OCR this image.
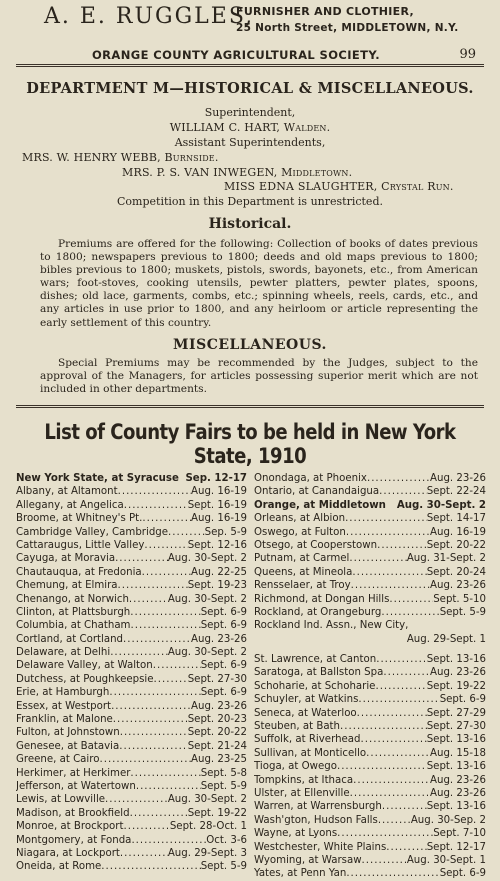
A. E. RUGGLES,
FURNISHER AND CLOTHIER,
25 North Street, MIDDLETOWN, N.Y.
ORANGE COUNTY AGRICULTURAL SOCIETY.	99
DEPARTMENT M—HISTORICAL & MISCELLANEOUS.
Superintendent,
WILLIAM C. HART, Walden.
Assistant Superintendents,
MRS. W. HENRY WEBB, Burnside.
MRS. P. S. VAN INWEGEN, Middletown.
MISS EDNA SLAUGHTER, Crystal Run.
Competition in this Department is unrestricted.
Historical.
Premiums are offered for the following: Collection of books of dates previous to 1800; newspapers previous to 1800; deeds and old maps previous to 1800; bibles previous to 1800; muskets, pistols, swords, bayonets, etc., from American wars; foot-stoves, cooking utensils, pewter platters, pewter plates, spoons, dishes; old lace, garments, combs, etc.; spinning wheels, reels, cards, etc., and any articles in use prior to 1800, and any heirloom or article representing the early settlement of this country.
MISCELLANEOUS.
Special Premiums may be recommended by the Judges, subject to the approval of the Managers, for articles possessing superior merit which are not included in other departments.
List of County Fairs to be held in New York State, 1910
New York State, at Syracuse Sep. 12-17
Albany, at Altamont .....	Aug. 16-19
Allegany, at Angelica .....	Sept. 16-19
Broome, at Whitney's Pt. .....	Aug. 16-19
Cambridge Valley, Cambridge .....	Sep. 5-9
Cattaraugus, Little Valley .....	Sept. 12-16
Cayuga, at Moravia .....	Aug. 30-Sept. 2
Chautauqua, at Fredonia .....	Aug. 22-25
Chemung, at Elmira .....	Sept. 19-23
Chenango, at Norwich .....	Aug. 30-Sept. 2
Clinton, at Plattsburgh .....	Sept. 6-9
Columbia, at Chatham .....	Sept. 6-9
Cortland, at Cortland .....	Aug. 23-26
Delaware, at Delhi .....	Aug. 30-Sept. 2
Delaware Valley, at Walton .....	Sept. 6-9
Dutchess, at Poughkeepsie .....	Sept. 27-30
Erie, at Hamburgh .....	Sept. 6-9
Essex, at Westport .....	Aug. 23-26
Franklin, at Malone .....	Sept. 20-23
Fulton, at Johnstown .....	Sept. 20-22
Genesee, at Batavia .....	Sept. 21-24
Greene, at Cairo .....	Aug. 23-25
Herkimer, at Herkimer .....	Sept. 5-8
Jefferson, at Watertown .....	Sept. 5-9
Lewis, at Lowville .....	Aug. 30-Sept. 2
Madison, at Brookfield .....	Sept. 19-22
Monroe, at Brockport .....	Sept. 28-Oct. 1
Montgomery, at Fonda .....	Oct. 3-6
Niagara, at Lockport .....	Aug. 29-Sept. 3
Oneida, at Rome .....	Sept. 5-9
Onondaga, at Phoenix .....	Aug. 23-26
Ontario, at Canandaigua .....	Sept. 22-24
Orange, at Middletown Aug. 30-Sept. 2
Orleans, at Albion .....	Sept. 14-17
Oswego, at Fulton .....	Aug. 16-19
Otsego, at Cooperstown .....	Sept. 20-22
Putnam, at Carmel .....	Aug. 31-Sept. 2
Queens, at Mineola .....	Sept. 20-24
Rensselaer, at Troy .....	Aug. 23-26
Richmond, at Dongan Hills .....	Sept. 5-10
Rockland, at Orangeburg .....	Sept. 5-9
Rockland Ind. Assn., New City,
Aug. 29-Sept. 1
St. Lawrence, at Canton .....	Sept. 13-16
Saratoga, at Ballston Spa .....	Aug. 23-26
Schoharie, at Schoharie .....	Sept. 19-22
Schuyler, at Watkins .....	Sept. 6-9
Seneca, at Waterloo .....	Sept. 27-29
Steuben, at Bath .....	Sept. 27-30
Suffolk, at Riverhead .....	Sept. 13-16
Sullivan, at Monticello .....	Aug. 15-18
Tioga, at Owego .....	Sept. 13-16
Tompkins, at Ithaca .....	Aug. 23-26
Ulster, at Ellenville .....	Aug. 23-26
Warren, at Warrensburgh .....	Sept. 13-16
Wash'gton, Hudson Falls .....	Aug. 30-Sep. 2
Wayne, at Lyons .....	Sept. 7-10
Westchester, White Plains .....	Sept. 12-17
Wyoming, at Warsaw .....	Aug. 30-Sept. 1
Yates, at Penn Yan .....	Sept. 6-9
